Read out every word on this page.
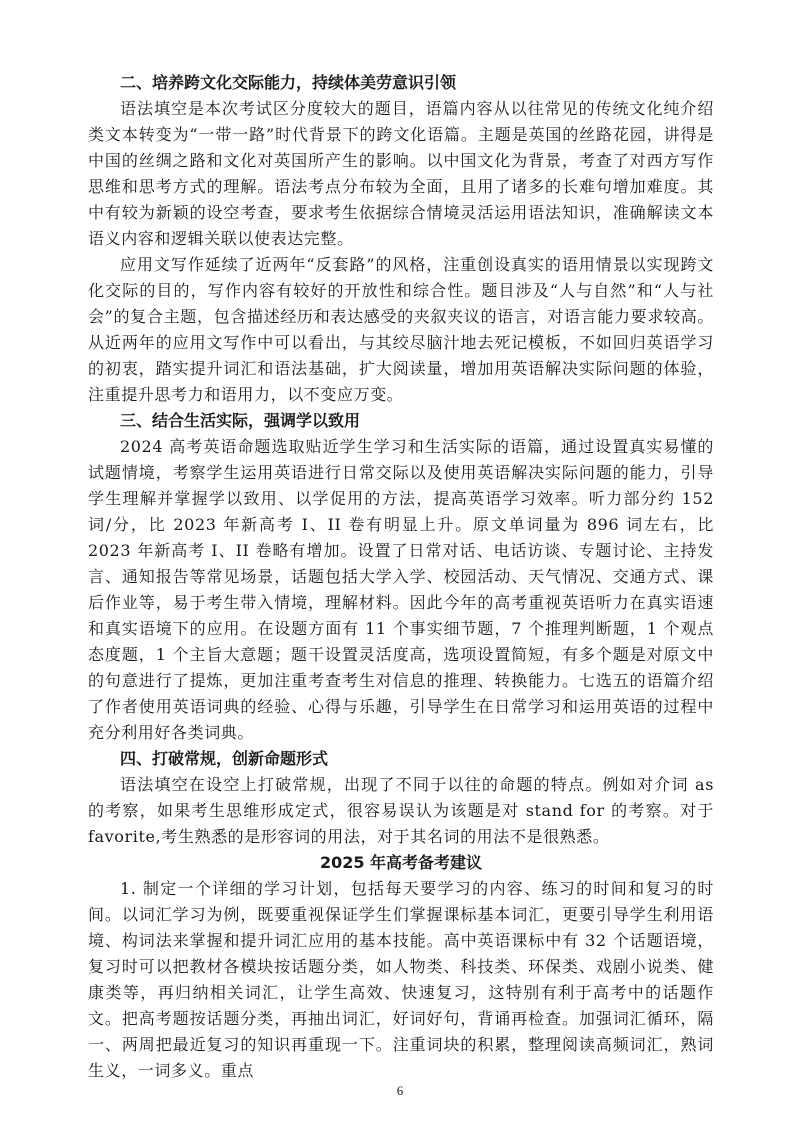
二、培养跨文化交际能力，持续体美劳意识引领

语法填空是本次考试区分度较大的题目，语篇内容从以往常见的传统文化纯介绍类文本转变为“一带一路”时代背景下的跨文化语篇。主题是英国的丝路花园，讲得是中国的丝绸之路和文化对英国所产生的影响。以中国文化为背景，考查了对西方写作思维和思考方式的理解。语法考点分布较为全面，且用了诸多的长难句增加难度。其中有较为新颖的设空考查，要求考生依据综合情境灵活运用语法知识，准确解读文本语义内容和逻辑关联以使表达完整。

应用文写作延续了近两年“反套路”的风格，注重创设真实的语用情景以实现跨文化交际的目的，写作内容有较好的开放性和综合性。题目涉及“人与自然”和“人与社会”的复合主题，包含描述经历和表达感受的夹叙夹议的语言，对语言能力要求较高。从近两年的应用文写作中可以看出，与其绞尽脑汁地去死记模板，不如回归英语学习的初衷，踏实提升词汇和语法基础，扩大阅读量，增加用英语解决实际问题的体验，注重提升思考力和语用力，以不变应万变。

三、结合生活实际，强调学以致用

2024 高考英语命题选取贴近学生学习和生活实际的语篇，通过设置真实易懂的试题情境，考察学生运用英语进行日常交际以及使用英语解决实际问题的能力，引导学生理解并掌握学以致用、以学促用的方法，提高英语学习效率。听力部分约 152 词/分，比 2023 年新高考 I、II 卷有明显上升。原文单词量为 896 词左右，比 2023 年新高考 I、II 卷略有增加。设置了日常对话、电话访谈、专题讨论、主持发言、通知报告等常见场景，话题包括大学入学、校园活动、天气情况、交通方式、课后作业等，易于考生带入情境，理解材料。因此今年的高考重视英语听力在真实语速和真实语境下的应用。在设题方面有 11 个事实细节题，7 个推理判断题，1 个观点态度题，1 个主旨大意题；题干设置灵活度高，选项设置简短，有多个题是对原文中的句意进行了提炼，更加注重考查考生对信息的推理、转换能力。七选五的语篇介绍了作者使用英语词典的经验、心得与乐趣，引导学生在日常学习和运用英语的过程中充分利用好各类词典。

四、打破常规，创新命题形式

语法填空在设空上打破常规，出现了不同于以往的命题的特点。例如对介词 as 的考察，如果考生思维形成定式，很容易误认为该题是对 stand for 的考察。对于 favorite,考生熟悉的是形容词的用法，对于其名词的用法不是很熟悉。

2025 年高考备考建议

1. 制定一个详细的学习计划，包括每天要学习的内容、练习的时间和复习的时间。以词汇学习为例，既要重视保证学生们掌握课标基本词汇，更要引导学生利用语境、构词法来掌握和提升词汇应用的基本技能。高中英语课标中有 32 个话题语境，复习时可以把教材各模块按话题分类，如人物类、科技类、环保类、戏剧小说类、健康类等，再归纳相关词汇，让学生高效、快速复习，这特别有利于高考中的话题作文。把高考题按话题分类，再抽出词汇，好词好句，背诵再检查。加强词汇循环，隔一、两周把最近复习的知识再重现一下。注重词块的积累，整理阅读高频词汇，熟词生义，一词多义。重点

6
